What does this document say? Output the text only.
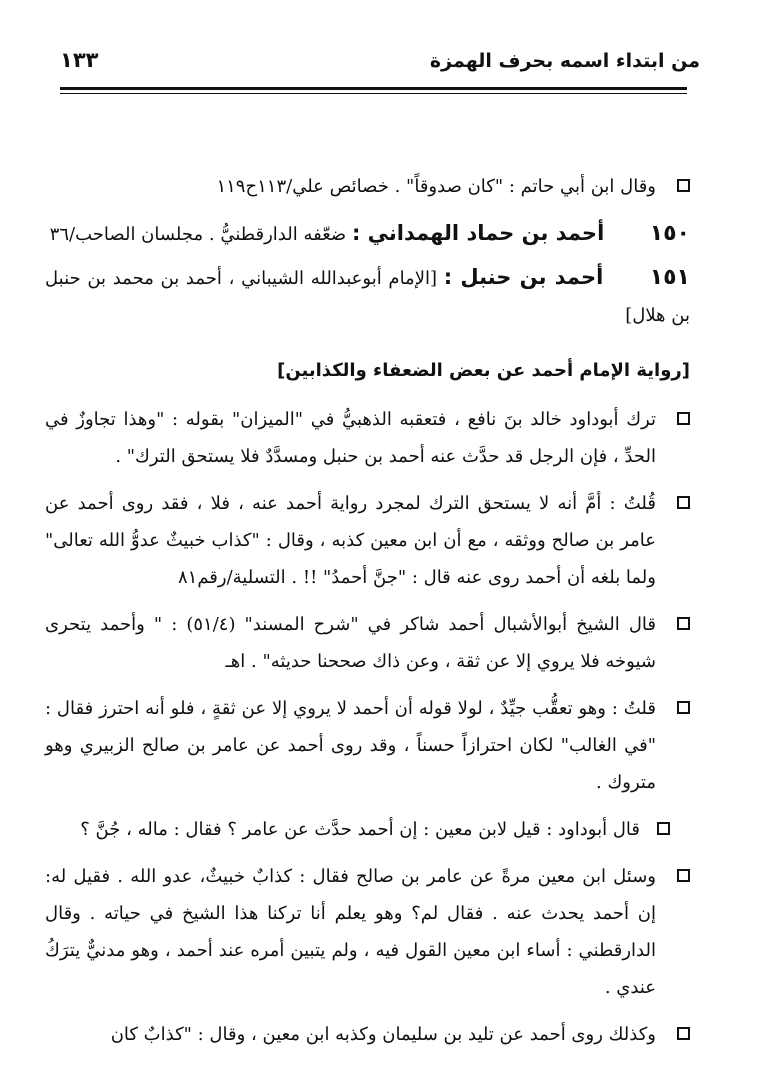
من ابتداء اسمه بحرف الهمزة
١٣٣
وقال ابن أبي حاتم : "كان صدوقاً" . خصائص علي/١١٣ح١١٩
١٥٠ أحمد بن حماد الهمداني : ضعّفه الدارقطنيُّ . مجلسان الصاحب/٣٦
١٥١ أحمد بن حنبل : [الإمام أبوعبدالله الشيباني ، أحمد بن محمد بن حنبل بن هلال]
[رواية الإمام أحمد عن بعض الضعفاء والكذابين]
ترك أبوداود خالد بنَ نافع ، فتعقبه الذهبيُّ في "الميزان" بقوله : "وهذا تجاوزٌ في الحدِّ ، فإن الرجل قد حدَّث عنه أحمد بن حنبل ومسدَّدٌ فلا يستحق الترك" .
قُلتُ : أمَّ أنه لا يستحق الترك لمجرد رواية أحمد عنه ، فلا ، فقد روى أحمد عن عامر بن صالح ووثقه ، مع أن ابن معين كذبه ، وقال : "كذاب خبيثٌ عدوُّ الله تعالى" ولما بلغه أن أحمد روى عنه قال : "جنَّ أحمدُ" !! . التسلية/رقم٨١
قال الشيخ أبوالأشبال أحمد شاكر في "شرح المسند" (٥١/٤) : " وأحمد يتحرى شيوخه فلا يروي إلا عن ثقة ، وعن ذاك صححنا حديثه" . اهـ
قلتُ : وهو تعقُّب جيِّدٌ ، لولا قوله أن أحمد لا يروي إلا عن ثقةٍ ، فلو أنه احترز فقال : "في الغالب" لكان احترازاً حسناً ، وقد روى أحمد عن عامر بن صالح الزبيري وهو متروك .
قال أبوداود : قيل لابن معين : إن أحمد حدَّث عن عامر ؟ فقال : ماله ، جُنَّ ؟
وسئل ابن معين مرةً عن عامر بن صالح فقال : كذابٌ خبيثٌ، عدو الله . فقيل له: إن أحمد يحدث عنه . فقال لم؟ وهو يعلم أنا تركنا هذا الشيخ في حياته . وقال الدارقطني : أساء ابن معين القول فيه ، ولم يتبين أمره عند أحمد ، وهو مدنيٌّ يترَكُ عندي .
وكذلك روى أحمد عن تليد بن سليمان وكذبه ابن معين ، وقال : "كذابٌ كان
